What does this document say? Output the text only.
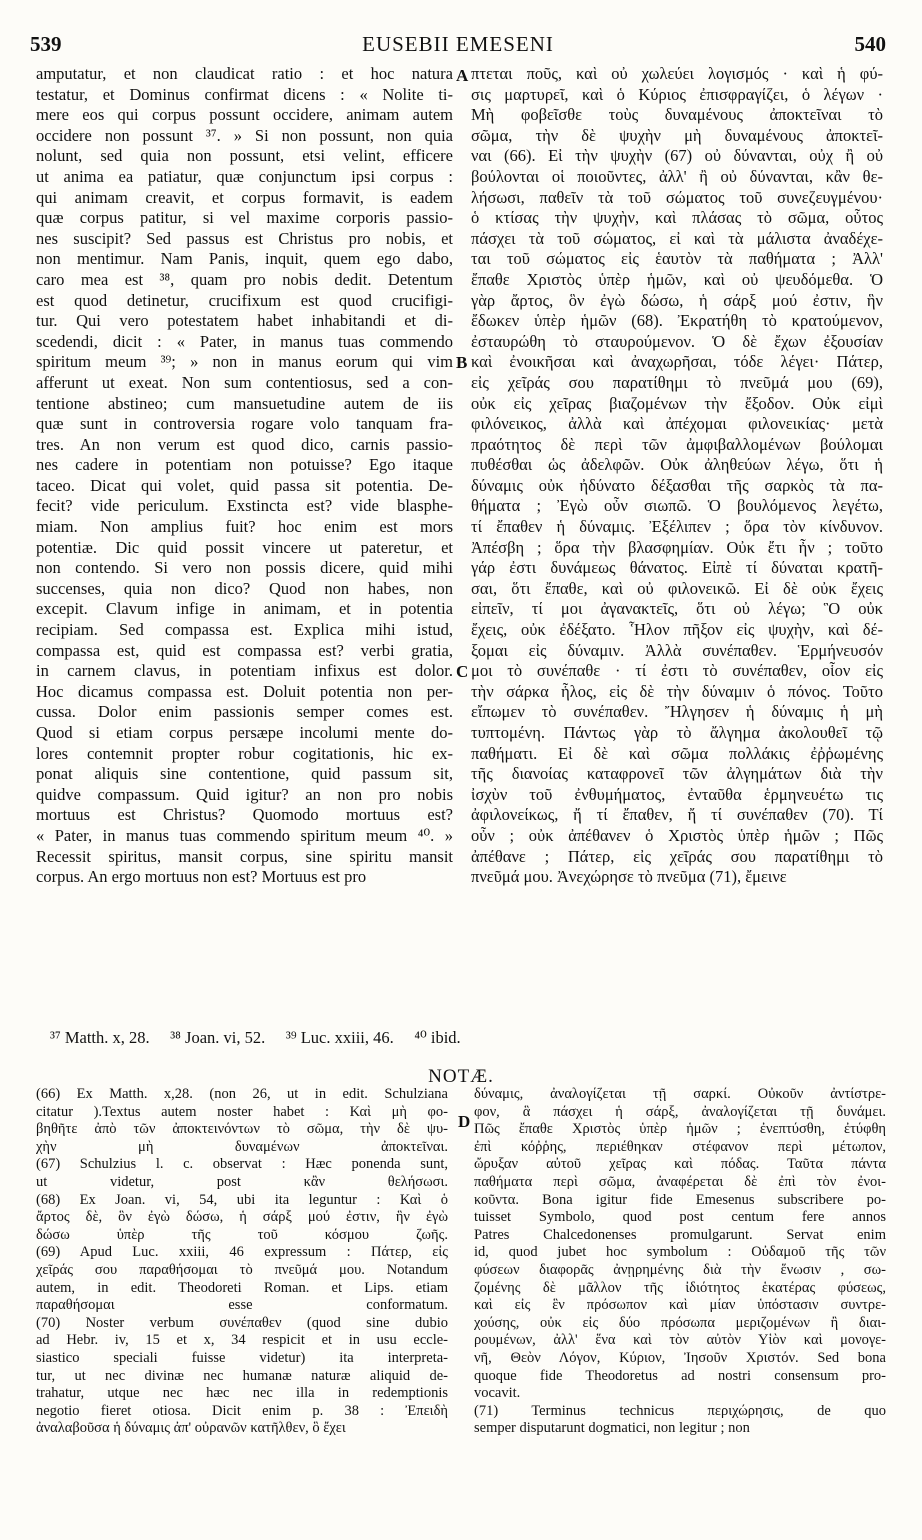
539	EUSEBII EMESENI	540
amputatur, et non claudicat ratio : et hoc natura
testatur, et Dominus confirmat dicens : « Nolite ti-
mere eos qui corpus possunt occidere, animam autem
occidere non possunt ³⁷. » Si non possunt, non quia
nolunt, sed quia non possunt, etsi velint, efficere
ut anima ea patiatur, quæ conjunctum ipsi corpus :
qui animam creavit, et corpus formavit, is eadem
quæ corpus patitur, si vel maxime corporis passio-
nes suscipit? Sed passus est Christus pro nobis, et
non mentimur. Nam Panis, inquit, quem ego dabo,
caro mea est ³⁸, quam pro nobis dedit. Detentum
est quod detinetur, crucifixum est quod crucifigi-
tur. Qui vero potestatem habet inhabitandi et di-
scedendi, dicit : « Pater, in manus tuas commendo
spiritum meum ³⁹; » non in manus eorum qui vim
afferunt ut exeat. Non sum contentiosus, sed a con-
tentione abstineo; cum mansuetudine autem de iis
quæ sunt in controversia rogare volo tanquam fra-
tres. An non verum est quod dico, carnis passio-
nes cadere in potentiam non potuisse? Ego itaque
taceo. Dicat qui volet, quid passa sit potentia. De-
fecit? vide periculum. Exstincta est? vide blasphe-
miam. Non amplius fuit? hoc enim est mors
potentiæ. Dic quid possit vincere ut pateretur, et
non contendo. Si vero non possis dicere, quid mihi
succenses, quia non dico? Quod non habes, non
excepit. Clavum infige in animam, et in potentia
recipiam. Sed compassa est. Explica mihi istud,
compassa est, quid est compassa est? verbi gratia,
in carnem clavus, in potentiam infixus est dolor.
Hoc dicamus compassa est. Doluit potentia non per-
cussa. Dolor enim passionis semper comes est.
Quod si etiam corpus persæpe incolumi mente do-
lores contemnit propter robur cogitationis, hic ex-
ponat aliquis sine contentione, quid passum sit,
quidve compassum. Quid igitur? an non pro nobis
mortuus est Christus? Quomodo mortuus est?
« Pater, in manus tuas commendo spiritum meum ⁴⁰. »
Recessit spiritus, mansit corpus, sine spiritu mansit
corpus. An ergo mortuus non est? Mortuus est pro
πτεται ποῦς, καὶ οὐ χωλεύει λογισμός · καὶ ἡ φύ-
σις μαρτυρεῖ, καὶ ὁ Κύριος ἐπισφραγίζει, ὁ λέγων ·
Μὴ φοβεῖσθε τοὺς δυναμένους ἀποκτεῖναι τὸ
σῶμα, τὴν δὲ ψυχὴν μὴ δυναμένους ἀποκτεῖ-
ναι (66). Εἰ τὴν ψυχὴν (67) οὐ δύνανται, οὐχ ἢ οὐ
βούλονται οἱ ποιοῦντες, ἀλλ' ἢ οὐ δύνανται, κἂν θε-
λήσωσι, παθεῖν τὰ τοῦ σώματος τοῦ συνεζευγμένου·
ὁ κτίσας τὴν ψυχὴν, καὶ πλάσας τὸ σῶμα, οὗτος
πάσχει τὰ τοῦ σώματος, εἰ καὶ τὰ μάλιστα ἀναδέχε-
ται τοῦ σώματος εἰς ἑαυτὸν τὰ παθήματα ; Ἀλλ'
ἔπαθε Χριστὸς ὑπὲρ ἡμῶν, καὶ οὐ ψευδόμεθα. Ὁ
γὰρ ἄρτος, ὃν ἐγὼ δώσω, ἡ σάρξ μού ἐστιν, ἣν
ἔδωκεν ὑπὲρ ἡμῶν (68). Ἐκρατήθη τὸ κρατούμενον,
ἐσταυρώθη τὸ σταυρούμενον. Ὁ δὲ ἔχων ἐξουσίαν
καὶ ἐνοικῆσαι καὶ ἀναχωρῆσαι, τόδε λέγει· Πάτερ,
εἰς χεῖράς σου παρατίθημι τὸ πνεῦμά μου (69),
οὐκ εἰς χεῖρας βιαζομένων τὴν ἔξοδον. Οὐκ εἰμὶ
φιλόνεικος, ἀλλὰ καὶ ἀπέχομαι φιλονεικίας· μετὰ
πραότητος δὲ περὶ τῶν ἀμφιβαλλομένων βούλομαι
πυθέσθαι ὡς ἀδελφῶν. Οὐκ ἀληθεύων λέγω, ὅτι ἡ
δύναμις οὐκ ἠδύνατο δέξασθαι τῆς σαρκὸς τὰ πα-
θήματα ; Ἐγὼ οὖν σιωπῶ. Ὁ βουλόμενος λεγέτω,
τί ἔπαθεν ἡ δύναμις. Ἐξέλιπεν ; ὅρα τὸν κίνδυνον.
Ἀπέσβη ; ὅρα τὴν βλασφημίαν. Οὐκ ἔτι ἦν ; τοῦτο
γάρ ἐστι δυνάμεως θάνατος. Εἰπὲ τί δύναται κρατῆ-
σαι, ὅτι ἔπαθε, καὶ οὐ φιλονεικῶ. Εἰ δὲ οὐκ ἔχεις
εἰπεῖν, τί μοι ἀγανακτεῖς, ὅτι οὐ λέγω; Ὃ οὐκ
ἔχεις, οὐκ ἐδέξατο. Ἧλον πῆξον εἰς ψυχὴν, καὶ δέ-
ξομαι εἰς δύναμιν. Ἀλλὰ συνέπαθεν. Ἑρμήνευσόν
μοι τὸ συνέπαθε · τί ἐστι τὸ συνέπαθεν, οἷον εἰς
τὴν σάρκα ἧλος, εἰς δὲ τὴν δύναμιν ὁ πόνος. Τοῦτο
εἴπωμεν τὸ συνέπαθεν. Ἤλγησεν ἡ δύναμις ἡ μὴ
τυπτομένη. Πάντως γὰρ τὸ ἄλγημα ἀκολουθεῖ τῷ
παθήματι. Εἰ δὲ καὶ σῶμα πολλάκις ἐῤῥωμένης
τῆς διανοίας καταφρονεῖ τῶν ἀλγημάτων διὰ τὴν
ἰσχὺν τοῦ ἐνθυμήματος, ἐνταῦθα ἑρμηνευέτω τις
ἀφιλονείκως, ἤ τί ἔπαθεν, ἤ τί συνέπαθεν (70). Τί
οὖν ; οὐκ ἀπέθανεν ὁ Χριστὸς ὑπὲρ ἡμῶν ; Πῶς
ἀπέθανε ; Πάτερ, εἰς χεῖράς σου παρατίθημι τὸ
πνεῦμά μου. Ἀνεχώρησε τὸ πνεῦμα (71), ἔμεινε
A
B
C
D
³⁷ Matth. x, 28.     ³⁸ Joan. vi, 52.     ³⁹ Luc. xxiii, 46.     ⁴⁰ ibid.
NOTÆ.
(66) Ex Matth. x,28. (non 26, ut in edit. Schulziana
citatur ).Textus autem noster habet : Καὶ μὴ φο-
βηθῆτε ἀπὸ τῶν ἀποκτεινόντων τὸ σῶμα, τὴν δὲ ψυ-
χὴν μὴ δυναμένων ἀποκτεῖναι.
(67) Schulzius l. c. observat : Hæc ponenda sunt,
ut videtur, post κἂν θελήσωσι.
(68) Ex Joan. vi, 54, ubi ita leguntur : Καὶ ὁ
ἄρτος δὲ, ὃν ἐγὼ δώσω, ἡ σάρξ μού ἐστιν, ἣν ἐγὼ
δώσω ὑπὲρ τῆς τοῦ κόσμου ζωῆς.
(69) Apud Luc. xxiii, 46 expressum : Πάτερ, εἰς
χεῖράς σου παραθήσομαι τὸ πνεῦμά μου. Notandum
autem, in edit. Theodoreti Roman. et Lips. etiam
παραθήσομαι esse conformatum.
(70) Noster verbum συνέπαθεν (quod sine dubio
ad Hebr. iv, 15 et x, 34 respicit et in usu eccle-
siastico speciali fuisse videtur) ita interpreta-
tur, ut nec divinæ nec humanæ naturæ aliquid de-
trahatur, utque nec hæc nec illa in redemptionis
negotio fieret otiosa. Dicit enim p. 38 : Ἐπειδὴ
ἀναλαβοῦσα ἡ δύναμις ἀπ' οὐρανῶν κατῆλθεν, ὃ ἔχει
δύναμις, ἀναλογίζεται τῇ σαρκί. Οὐκοῦν ἀντίστρε-
φον, ἃ πάσχει ἡ σάρξ, ἀναλογίζεται τῇ δυνάμει.
Πῶς ἔπαθε Χριστὸς ὑπὲρ ἡμῶν ; ἐνεπτύσθη, ἐτύφθη
ἐπὶ κόῤῥης, περιέθηκαν στέφανον περὶ μέτωπον,
ὤρυξαν αὐτοῦ χεῖρας καὶ πόδας. Ταῦτα πάντα
παθήματα περὶ σῶμα, ἀναφέρεται δὲ ἐπὶ τὸν ἐνοι-
κοῦντα. Bona igitur fide Emesenus subscribere po-
tuisset Symbolo, quod post centum fere annos
Patres Chalcedonenses promulgarunt. Servat enim
id, quod jubet hoc symbolum : Οὐδαμοῦ τῆς τῶν
φύσεων διαφορᾶς ἀνῃρημένης διὰ τὴν ἕνωσιν , σω-
ζομένης δὲ μᾶλλον τῆς ἰδιότητος ἑκατέρας φύσεως,
καὶ εἰς ἓν πρόσωπον καὶ μίαν ὑπόστασιν συντρε-
χούσης, οὐκ εἰς δύο πρόσωπα μεριζομένων ἢ διαι-
ρουμένων, ἀλλ' ἕνα καὶ τὸν αὐτὸν Υἱὸν καὶ μονογε-
νῆ, Θεὸν Λόγον, Κύριον, Ἰησοῦν Χριστόν. Sed bona
quoque fide Theodoretus ad nostri consensum pro-
vocavit.
(71) Terminus technicus περιχώρησις, de quo
semper disputarunt dogmatici, non legitur ; non
